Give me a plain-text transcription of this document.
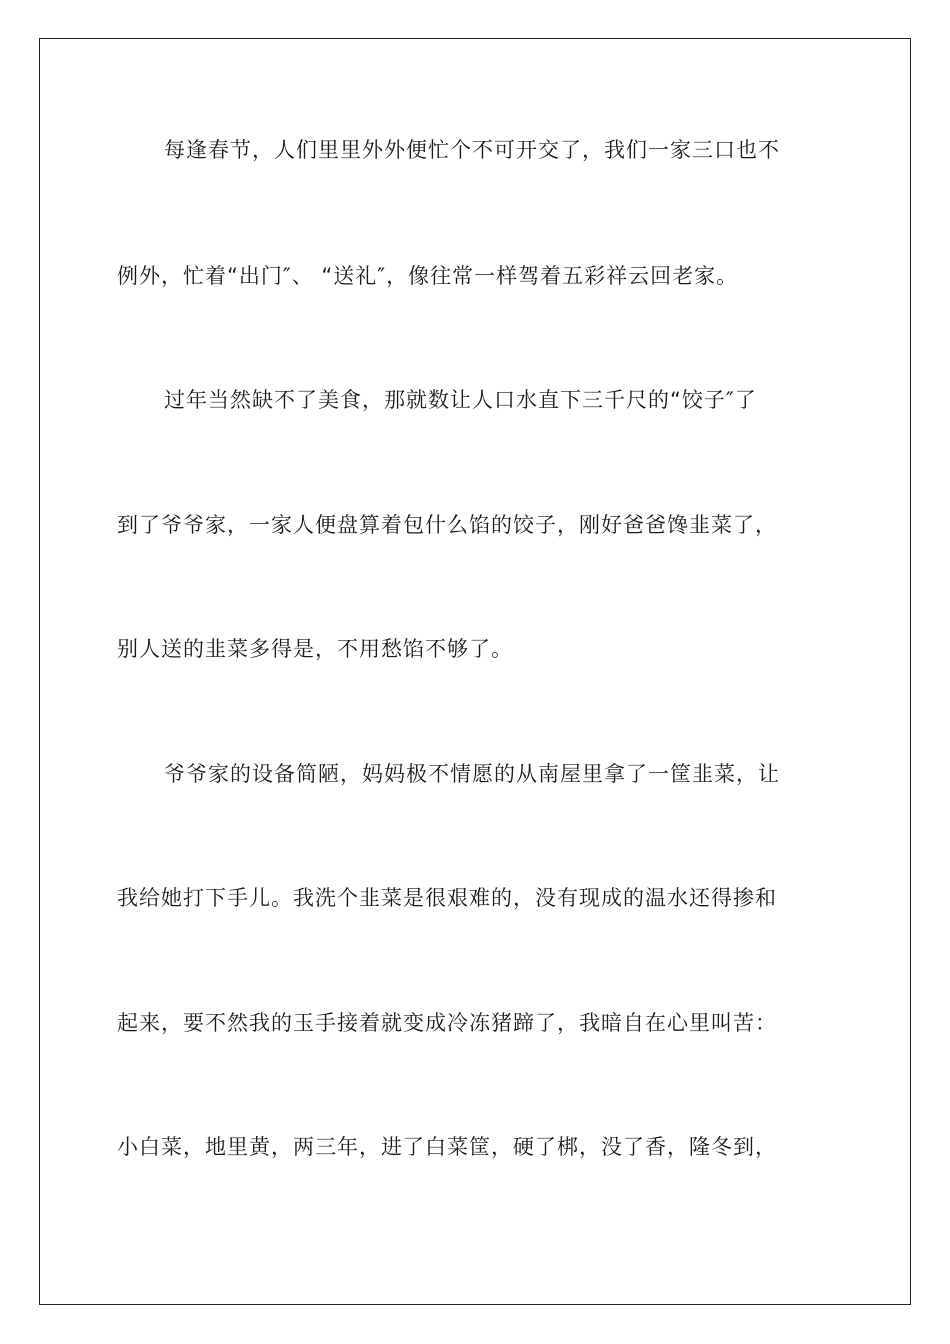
每逢春节，人们里里外外便忙个不可开交了，我们一家三口也不
例外，忙着“出门″、 “送礼″，像往常一样驾着五彩祥云回老家。
过年当然缺不了美食，那就数让人口水直下三千尺的“饺子″了
到了爷爷家，一家人便盘算着包什么馅的饺子，刚好爸爸馋韭菜了，
别人送的韭菜多得是，不用愁馅不够了。
爷爷家的设备简陋，妈妈极不情愿的从南屋里拿了一筐韭菜，让
我给她打下手儿。我洗个韭菜是很艰难的，没有现成的温水还得掺和
起来，要不然我的玉手接着就变成冷冻猪蹄了，我暗自在心里叫苦：
小白菜，地里黄，两三年，进了白菜筐，硬了梆，没了香，隆冬到，
